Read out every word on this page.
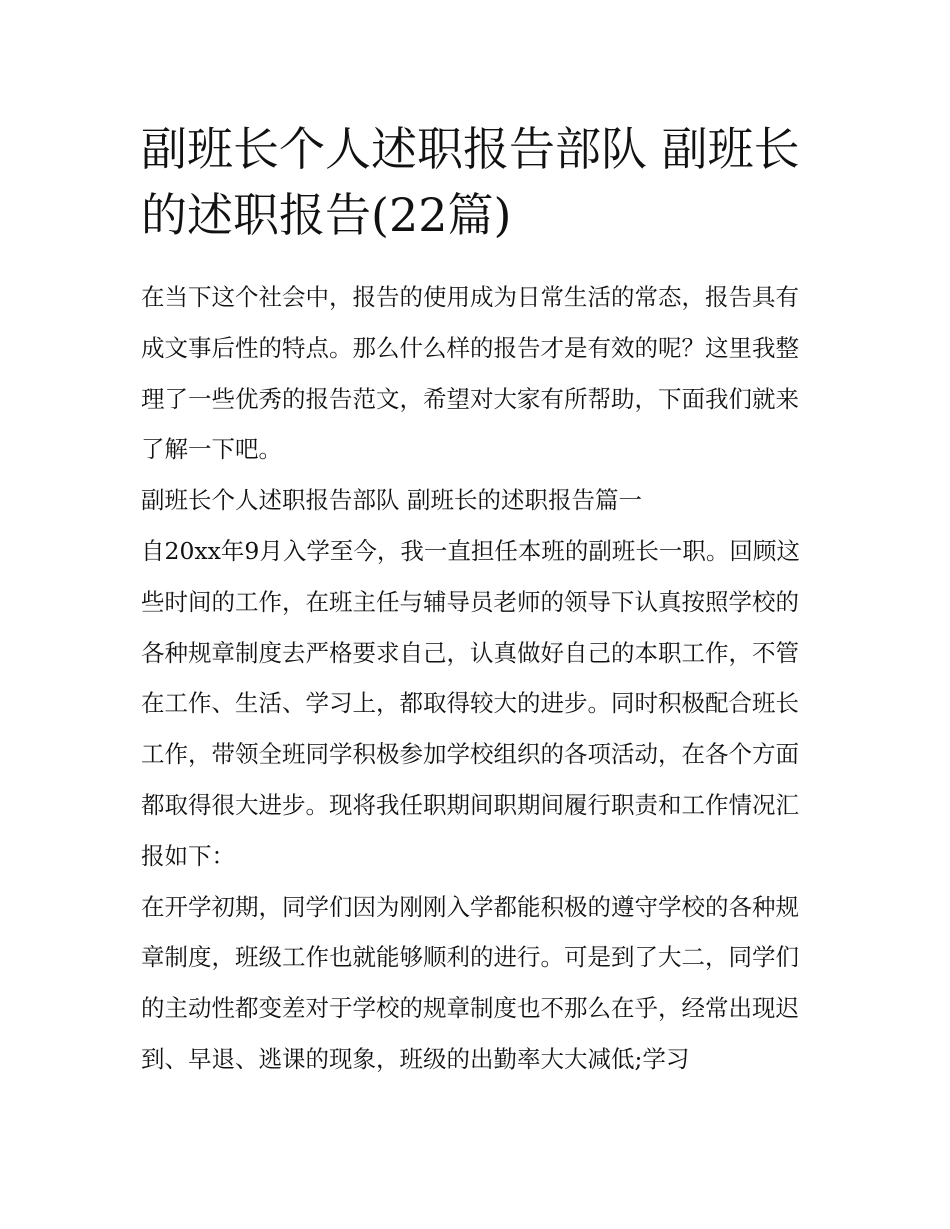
副班长个人述职报告部队 副班长的述职报告(22篇)

在当下这个社会中，报告的使用成为日常生活的常态，报告具有成文事后性的特点。那么什么样的报告才是有效的呢？这里我整理了一些优秀的报告范文，希望对大家有所帮助，下面我们就来了解一下吧。

副班长个人述职报告部队 副班长的述职报告篇一

自20xx年9月入学至今，我一直担任本班的副班长一职。回顾这些时间的工作，在班主任与辅导员老师的领导下认真按照学校的各种规章制度去严格要求自己，认真做好自己的本职工作，不管在工作、生活、学习上，都取得较大的进步。同时积极配合班长工作，带领全班同学积极参加学校组织的各项活动，在各个方面都取得很大进步。现将我任职期间职期间履行职责和工作情况汇报如下：

在开学初期，同学们因为刚刚入学都能积极的遵守学校的各种规章制度，班级工作也就能够顺利的进行。可是到了大二，同学们的主动性都变差对于学校的规章制度也不那么在乎，经常出现迟到、早退、逃课的现象，班级的出勤率大大减低;学习
